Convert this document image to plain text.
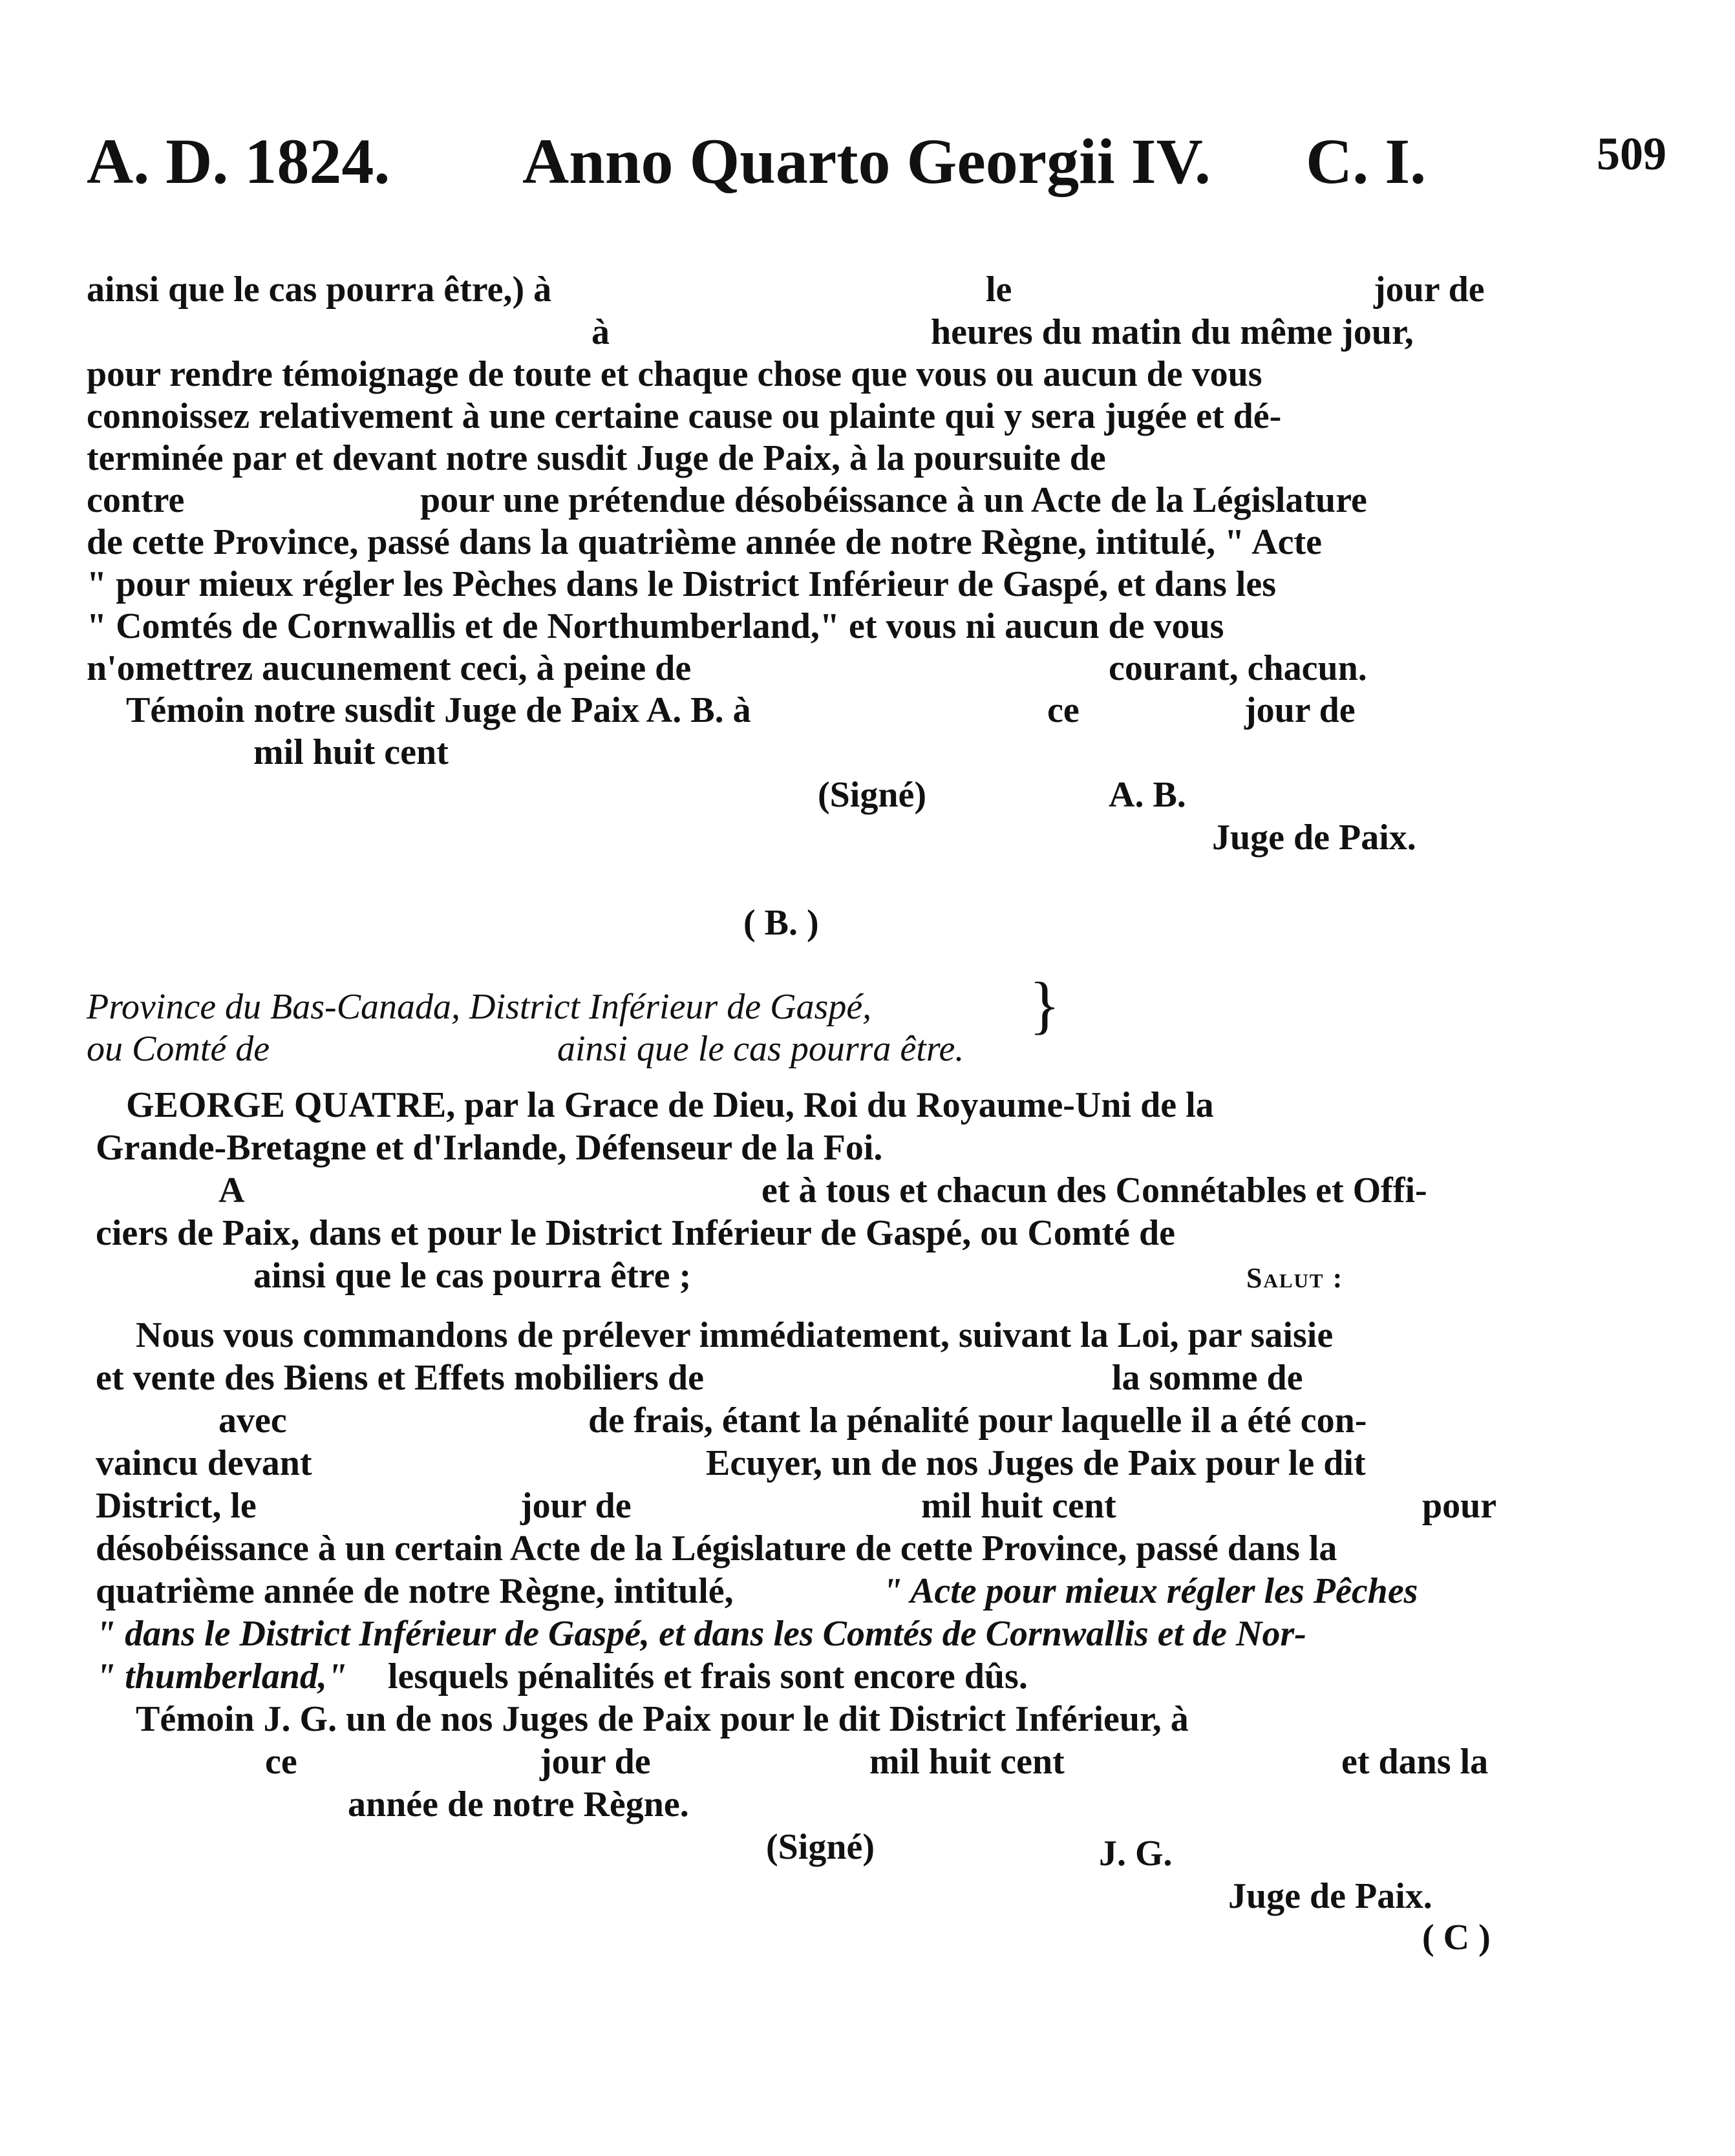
A. D. 1824. Anno Quarto Georgii IV. C. I.	509
ainsi que le cas pourra être,) à	le	jour de
à	heures du matin du même jour,
pour rendre témoignage de toute et chaque chose que vous ou aucun de vous
connoissez relativement à une certaine cause ou plainte qui y sera jugée et dé-
terminée par et devant notre susdit Juge de Paix, à la poursuite de
contre	pour une prétendue désobéissance à un Acte de la Législature
de cette Province, passé dans la quatrième année de notre Règne, intitulé, " Acte
" pour mieux régler les Pèches dans le District Inférieur de Gaspé, et dans les
" Comtés de Cornwallis et de Northumberland," et vous ni aucun de vous
n'omettrez aucunement ceci, à peine de	courant, chacun.
Témoin notre susdit Juge de Paix A. B. à	ce	jour de
mil huit cent
(Signé)	A. B.
Juge de Paix.
( B. )
Province du Bas-Canada, District Inférieur de Gaspé,
ou Comté de	ainsi que le cas pourra être.
}
GEORGE QUATRE, par la Grace de Dieu, Roi du Royaume-Uni de la
Grande-Bretagne et d'Irlande, Défenseur de la Foi.
A	et à tous et chacun des Connétables et Offi-
ciers de Paix, dans et pour le District Inférieur de Gaspé, ou Comté de
ainsi que le cas pourra être ;	Salut :
Nous vous commandons de prélever immédiatement, suivant la Loi, par saisie
et vente des Biens et Effets mobiliers de	la somme de
avec	de frais, étant la pénalité pour laquelle il a été con-
vaincu devant	Ecuyer, un de nos Juges de Paix pour le dit
District, le	jour de	mil huit cent	pour
désobéissance à un certain Acte de la Législature de cette Province, passé dans la
quatrième année de notre Règne, intitulé,	" Acte pour mieux régler les Pêches
" dans le District Inférieur de Gaspé, et dans les Comtés de Cornwallis et de Nor-
" thumberland," lesquels pénalités et frais sont encore dûs.
Témoin J. G. un de nos Juges de Paix pour le dit District Inférieur, à
ce	jour de	mil huit cent	et dans la
année de notre Règne.
(Signé)	J. G.
Juge de Paix.
( C )
